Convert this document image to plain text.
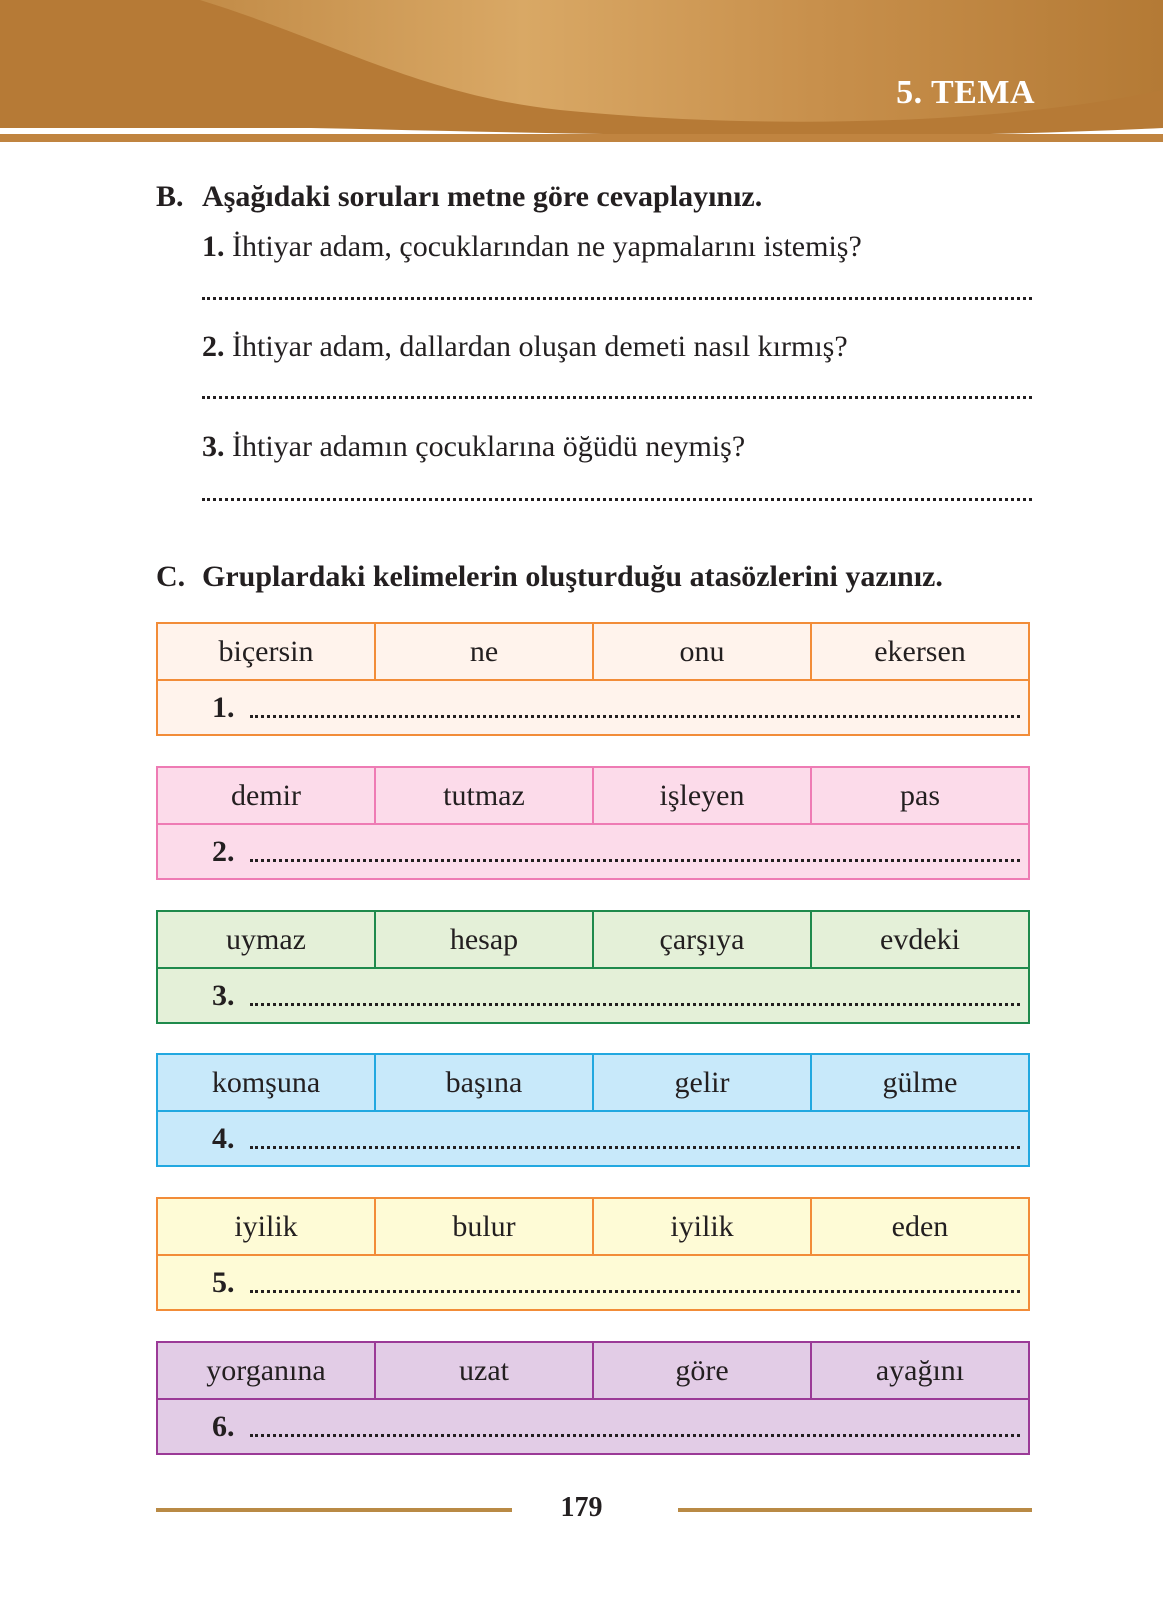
5. TEMA
B. Aşağıdaki soruları metne göre cevaplayınız.
1. İhtiyar adam, çocuklarından ne yapmalarını istemiş?
2. İhtiyar adam, dallardan oluşan demeti nasıl kırmış?
3. İhtiyar adamın çocuklarına öğüdü neymiş?
C. Gruplardaki kelimelerin oluşturduğu atasözlerini yazınız.
biçersin	ne	onu	ekersen
1.
demir	tutmaz	işleyen	pas
2.
uymaz	hesap	çarşıya	evdeki
3.
komşuna	başına	gelir	gülme
4.
iyilik	bulur	iyilik	eden
5.
yorganına	uzat	göre	ayağını
6.
179
